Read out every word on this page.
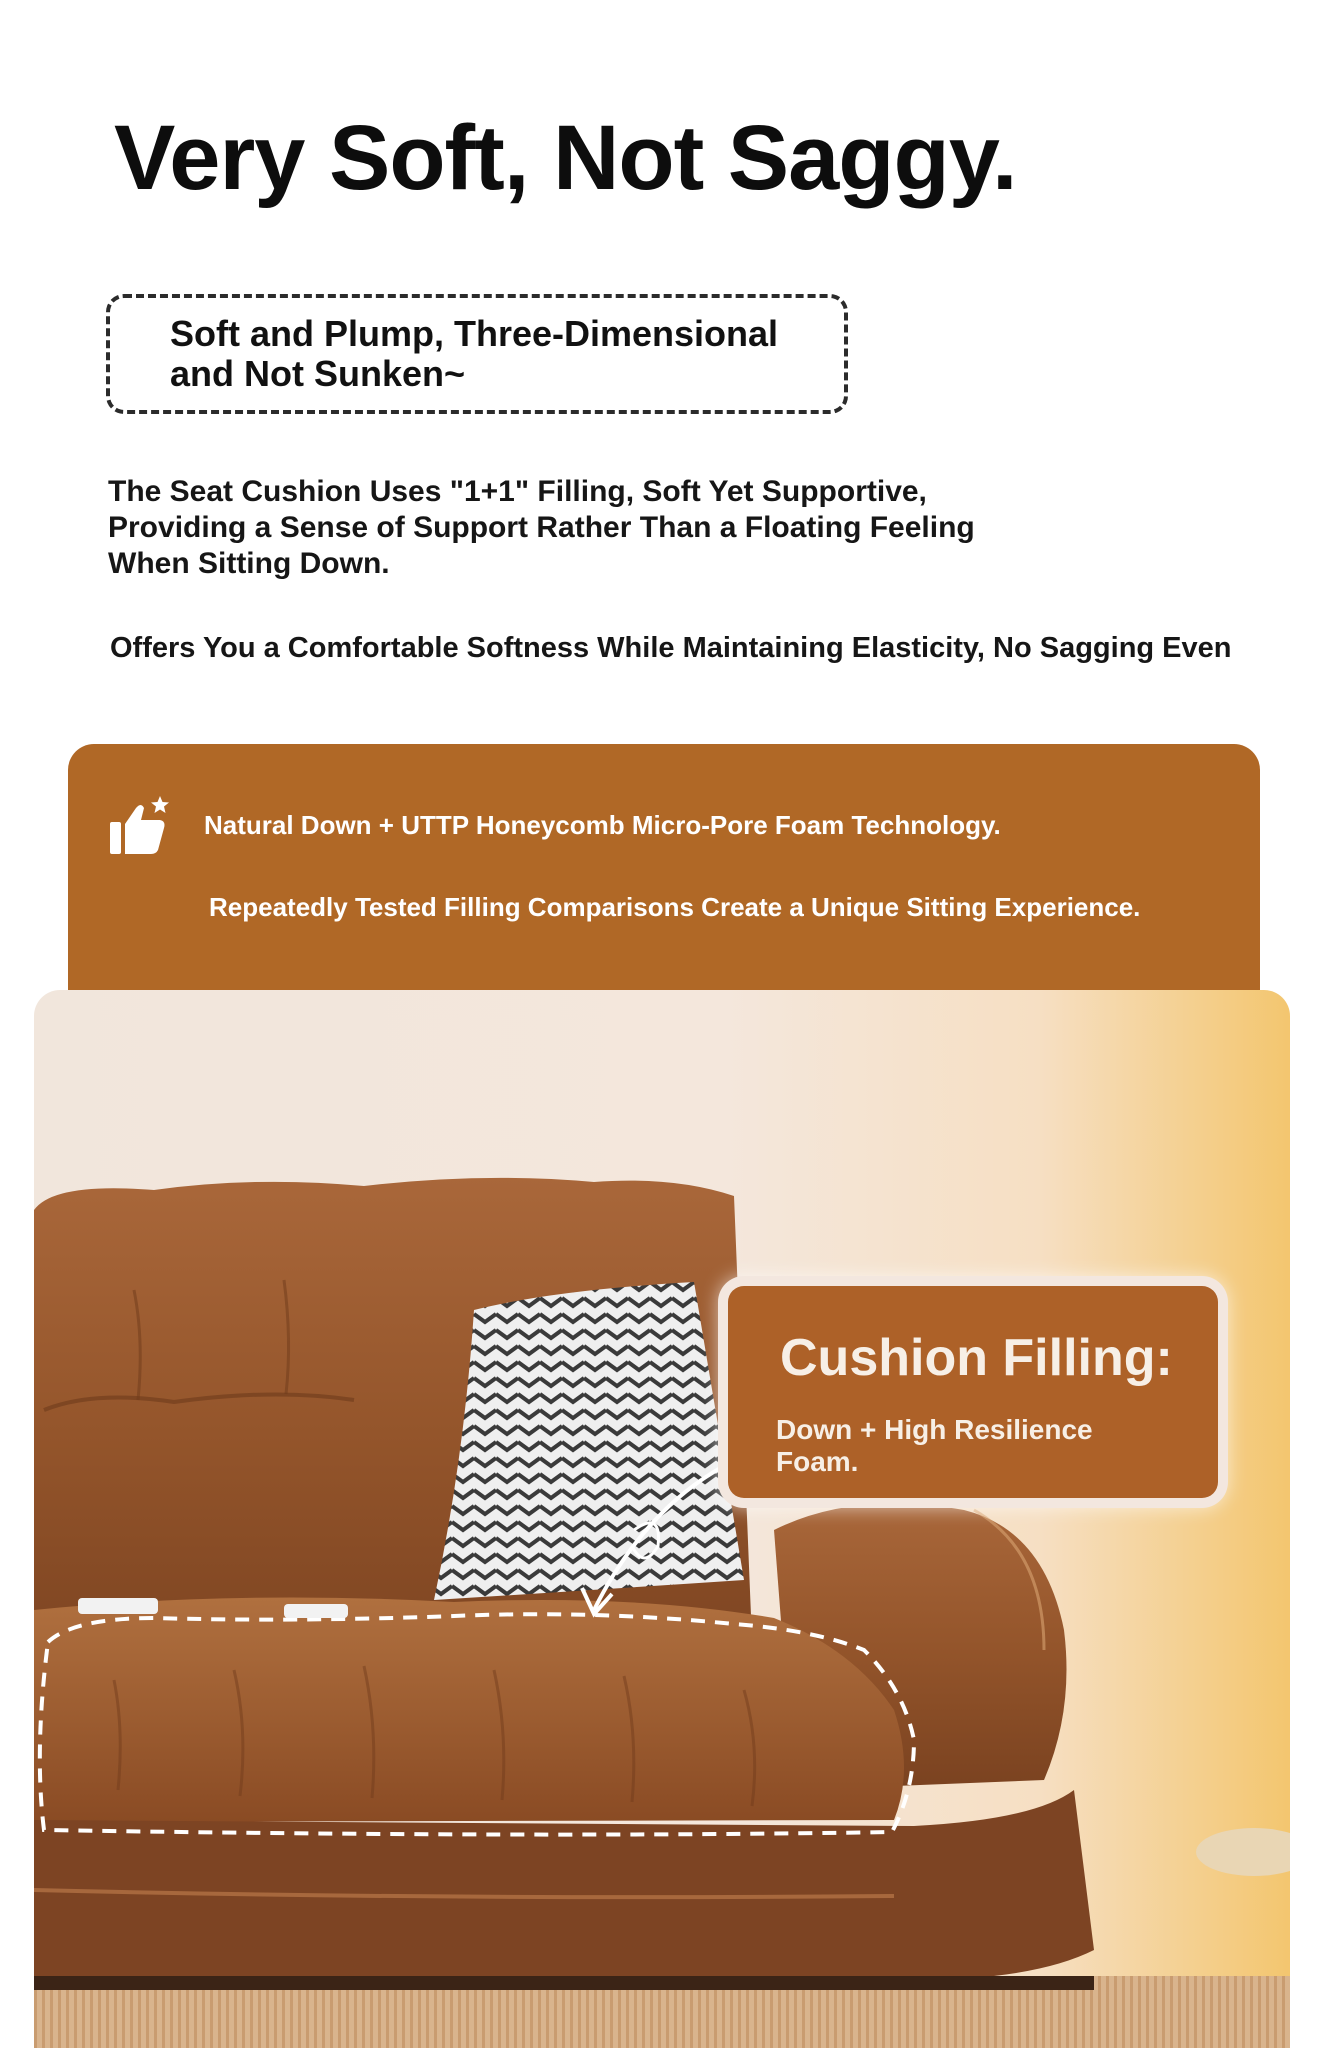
Very Soft, Not Saggy.
Soft and Plump, Three-Dimensional and Not Sunken~
The Seat Cushion Uses "1+1" Filling, Soft Yet Supportive, Providing a Sense of Support Rather Than a Floating Feeling When Sitting Down.
Offers You a Comfortable Softness While Maintaining Elasticity, No Sagging Even
Natural Down + UTTP Honeycomb Micro-Pore Foam Technology.
Repeatedly Tested Filling Comparisons Create a Unique Sitting Experience.
Cushion Filling:
Down + High Resilience Foam.
